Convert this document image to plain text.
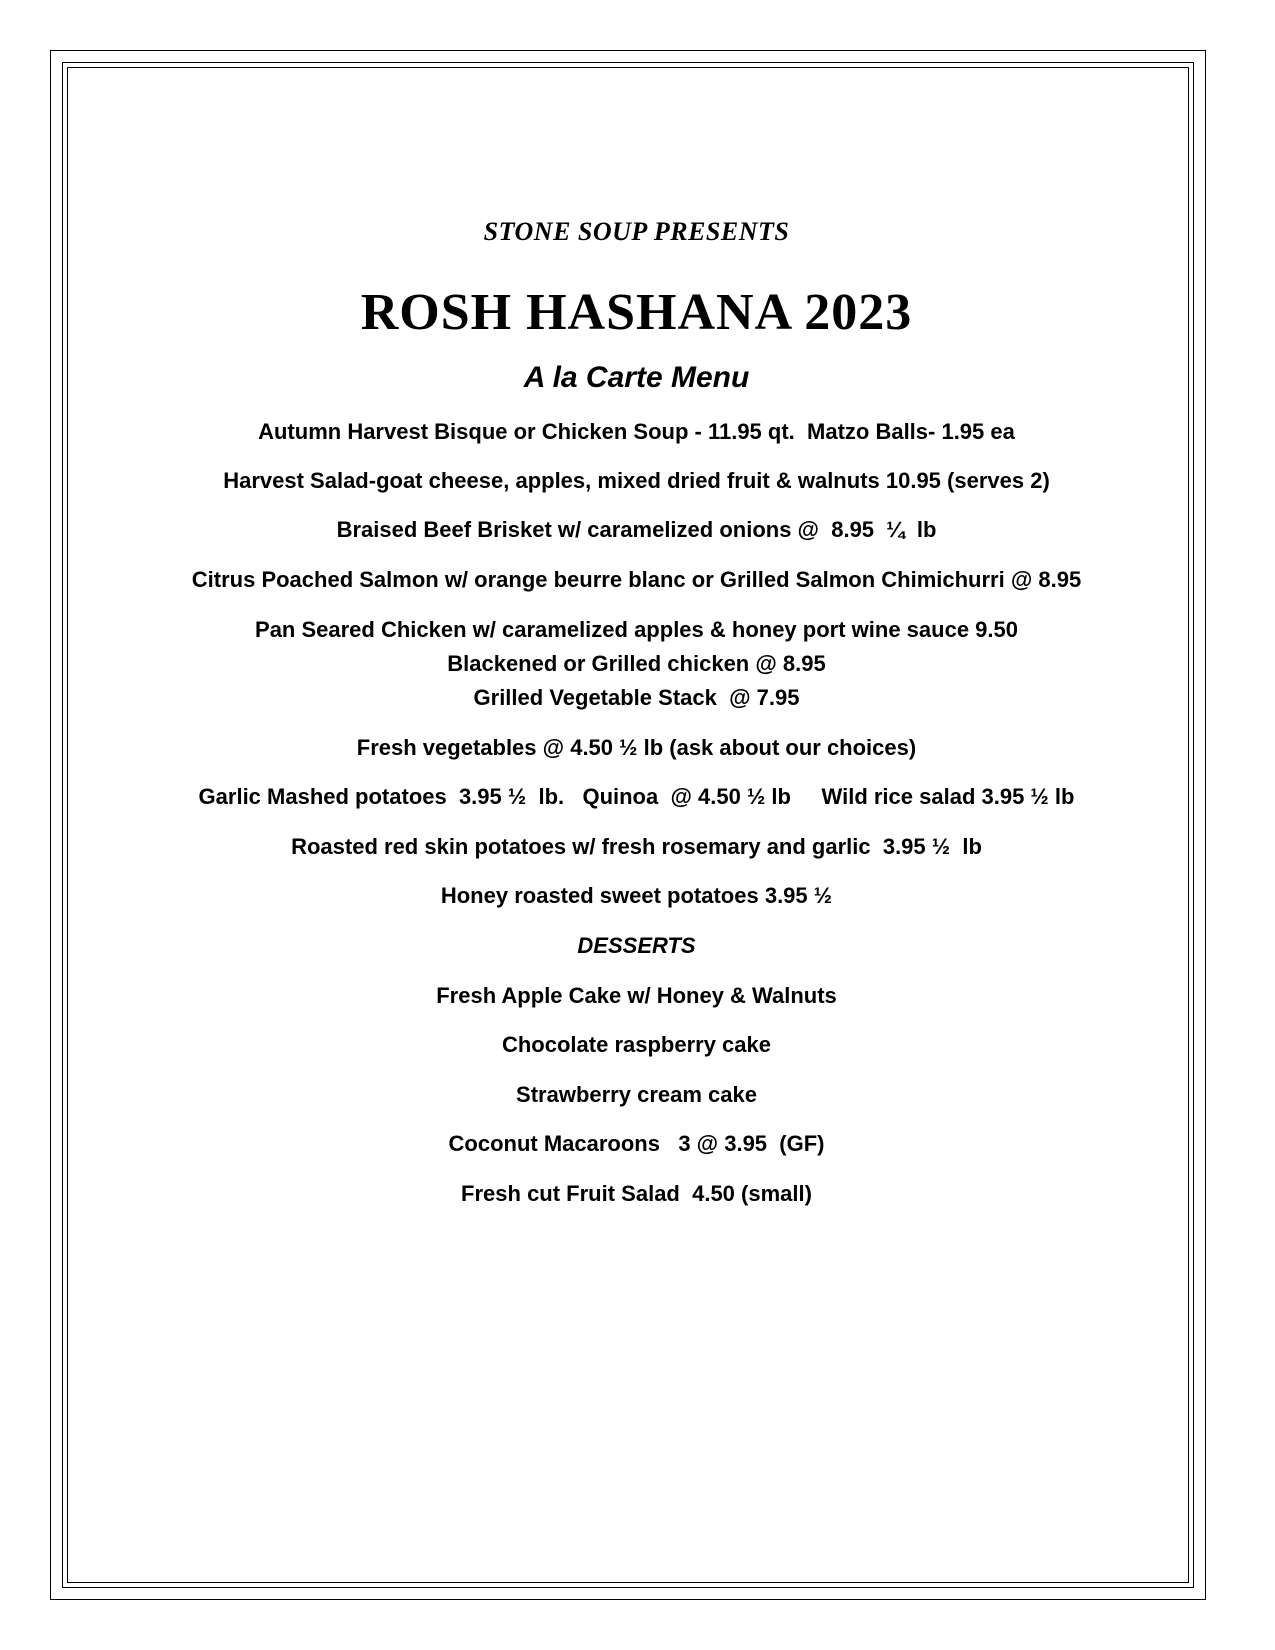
STONE SOUP PRESENTS
ROSH HASHANA 2023
A la Carte Menu
Autumn Harvest Bisque or Chicken Soup - 11.95 qt.  Matzo Balls- 1.95 ea
Harvest Salad-goat cheese, apples, mixed dried fruit & walnuts 10.95 (serves 2)
Braised Beef Brisket w/ caramelized onions @  8.95  ¼  lb
Citrus Poached Salmon w/ orange beurre blanc or Grilled Salmon Chimichurri @ 8.95
Pan Seared Chicken w/ caramelized apples & honey port wine sauce 9.50
Blackened or Grilled chicken @ 8.95
Grilled Vegetable Stack  @ 7.95
Fresh vegetables @ 4.50 ½ lb (ask about our choices)
Garlic Mashed potatoes  3.95 ½  lb.   Quinoa  @ 4.50 ½ lb     Wild rice salad 3.95 ½ lb
Roasted red skin potatoes w/ fresh rosemary and garlic  3.95 ½  lb
Honey roasted sweet potatoes 3.95 ½
DESSERTS
Fresh Apple Cake w/ Honey & Walnuts
Chocolate raspberry cake
Strawberry cream cake
Coconut Macaroons   3 @ 3.95  (GF)
Fresh cut Fruit Salad  4.50 (small)
